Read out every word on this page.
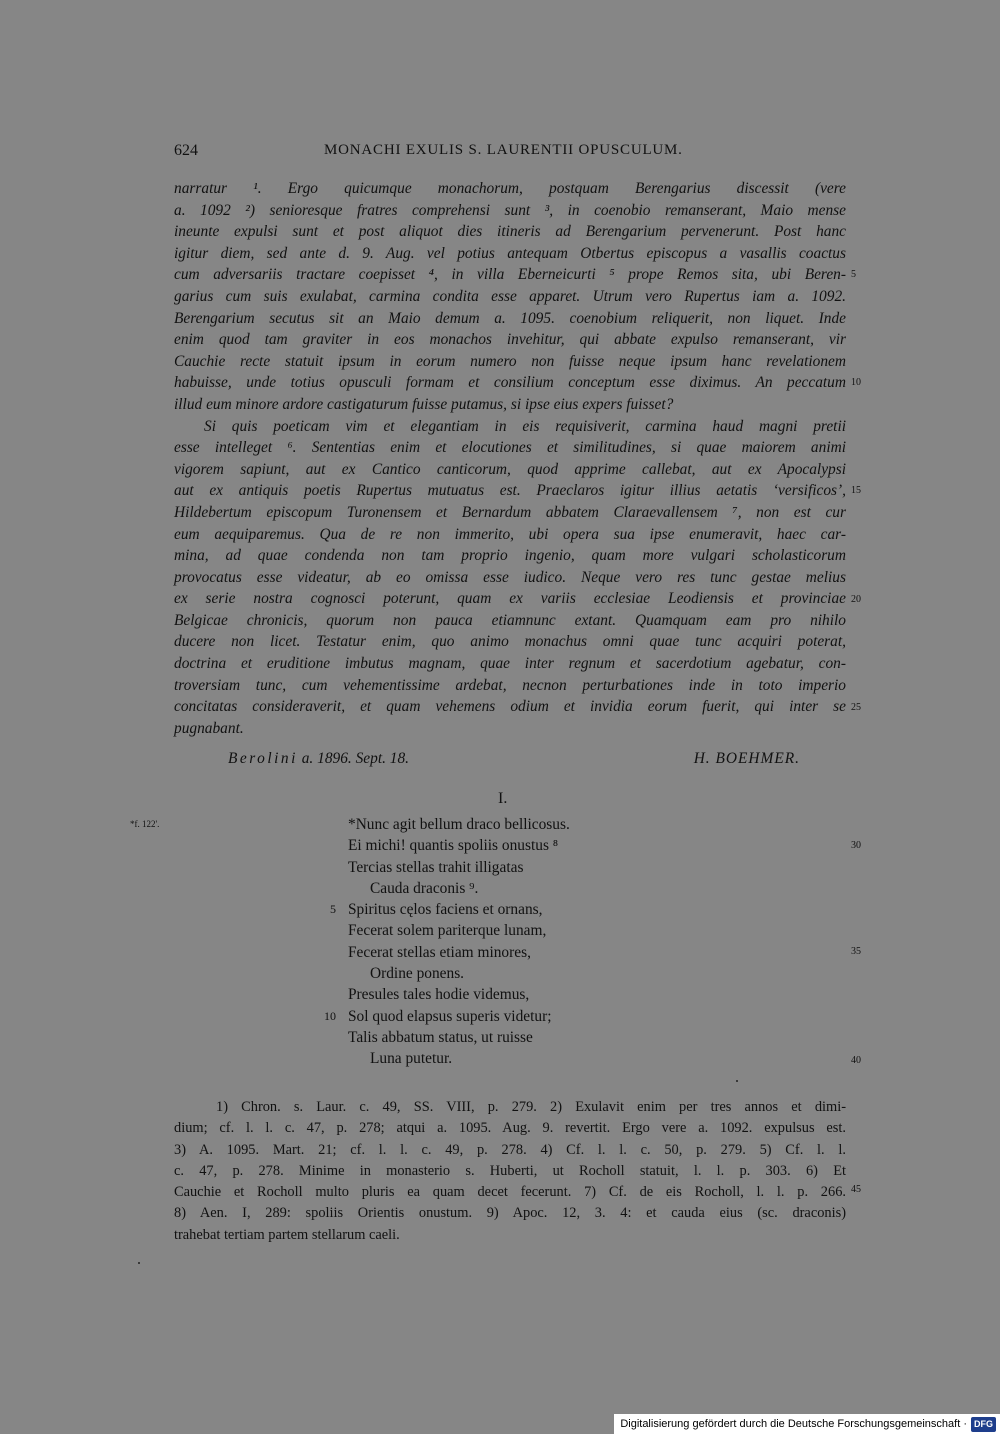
624	MONACHI EXULIS S. LAURENTII OPUSCULUM.
narratur ¹. Ergo quicumque monachorum, postquam Berengarius discessit (vere
a. 1092 ²) senioresque fratres comprehensi sunt ³, in coenobio remanserant, Maio mense
ineunte expulsi sunt et post aliquot dies itineris ad Berengarium pervenerunt. Post hanc
igitur diem, sed ante d. 9. Aug. vel potius antequam Otbertus episcopus a vasallis coactus
cum adversariis tractare coepisset ⁴, in villa Eberneicurti ⁵ prope Remos sita, ubi Beren-
garius cum suis exulabat, carmina condita esse apparet. Utrum vero Rupertus iam a. 1092.
Berengarium secutus sit an Maio demum a. 1095. coenobium reliquerit, non liquet. Inde
enim quod tam graviter in eos monachos invehitur, qui abbate expulso remanserant, vir
Cauchie recte statuit ipsum in eorum numero non fuisse neque ipsum hanc revelationem
habuisse, unde totius opusculi formam et consilium conceptum esse diximus. An peccatum
illud eum minore ardore castigaturum fuisse putamus, si ipse eius expers fuisset?
Si quis poeticam vim et elegantiam in eis requisiverit, carmina haud magni pretii
esse intelleget ⁶. Sententias enim et elocutiones et similitudines, si quae maiorem animi
vigorem sapiunt, aut ex Cantico canticorum, quod apprime callebat, aut ex Apocalypsi
aut ex antiquis poetis Rupertus mutuatus est. Praeclaros igitur illius aetatis ‘versificos’,
Hildebertum episcopum Turonensem et Bernardum abbatem Claraevallensem ⁷, non est cur
eum aequiparemus. Qua de re non immerito, ubi opera sua ipse enumeravit, haec car-
mina, ad quae condenda non tam proprio ingenio, quam more vulgari scholasticorum
provocatus esse videatur, ab eo omissa esse iudico. Neque vero res tunc gestae melius
ex serie nostra cognosci poterunt, quam ex variis ecclesiae Leodiensis et provinciae
Belgicae chronicis, quorum non pauca etiamnunc extant. Quamquam eam pro nihilo
ducere non licet. Testatur enim, quo animo monachus omni quae tunc acquiri poterat,
doctrina et eruditione imbutus magnam, quae inter regnum et sacerdotium agebatur, con-
troversiam tunc, cum vehementissime ardebat, necnon perturbationes inde in toto imperio
concitatas consideraverit, et quam vehemens odium et invidia eorum fuerit, qui inter se
pugnabant.
5
10
15
20
25
30
35
40
45
Berolini a. 1896. Sept. 18.	H. BOEHMER.
I.
*f. 122'.	*Nunc agit bellum draco bellicosus.
Ei michi! quantis spoliis onustus ⁸
Tercias stellas trahit illigatas
Cauda draconis ⁹.
5 Spiritus cęlos faciens et ornans,
Fecerat solem pariterque lunam,
Fecerat stellas etiam minores,
Ordine ponens.
Presules tales hodie videmus,
10 Sol quod elapsus superis videtur;
Talis abbatum status, ut ruisse
Luna putetur.
1) Chron. s. Laur. c. 49, SS. VIII, p. 279. 2) Exulavit enim per tres annos et dimi-
dium; cf. l. l. c. 47, p. 278; atqui a. 1095. Aug. 9. revertit. Ergo vere a. 1092. expulsus est.
3) A. 1095. Mart. 21; cf. l. l. c. 49, p. 278. 4) Cf. l. l. c. 50, p. 279. 5) Cf. l. l.
c. 47, p. 278. Minime in monasterio s. Huberti, ut Rocholl statuit, l. l. p. 303. 6) Et
Cauchie et Rocholl multo pluris ea quam decet fecerunt. 7) Cf. de eis Rocholl, l. l. p. 266.
8) Aen. I, 289: spoliis Orientis onustum. 9) Apoc. 12, 3. 4: et cauda eius (sc. draconis)
trahebat tertiam partem stellarum caeli.
Digitalisierung gefördert durch die Deutsche Forschungsgemeinschaft · DFG
